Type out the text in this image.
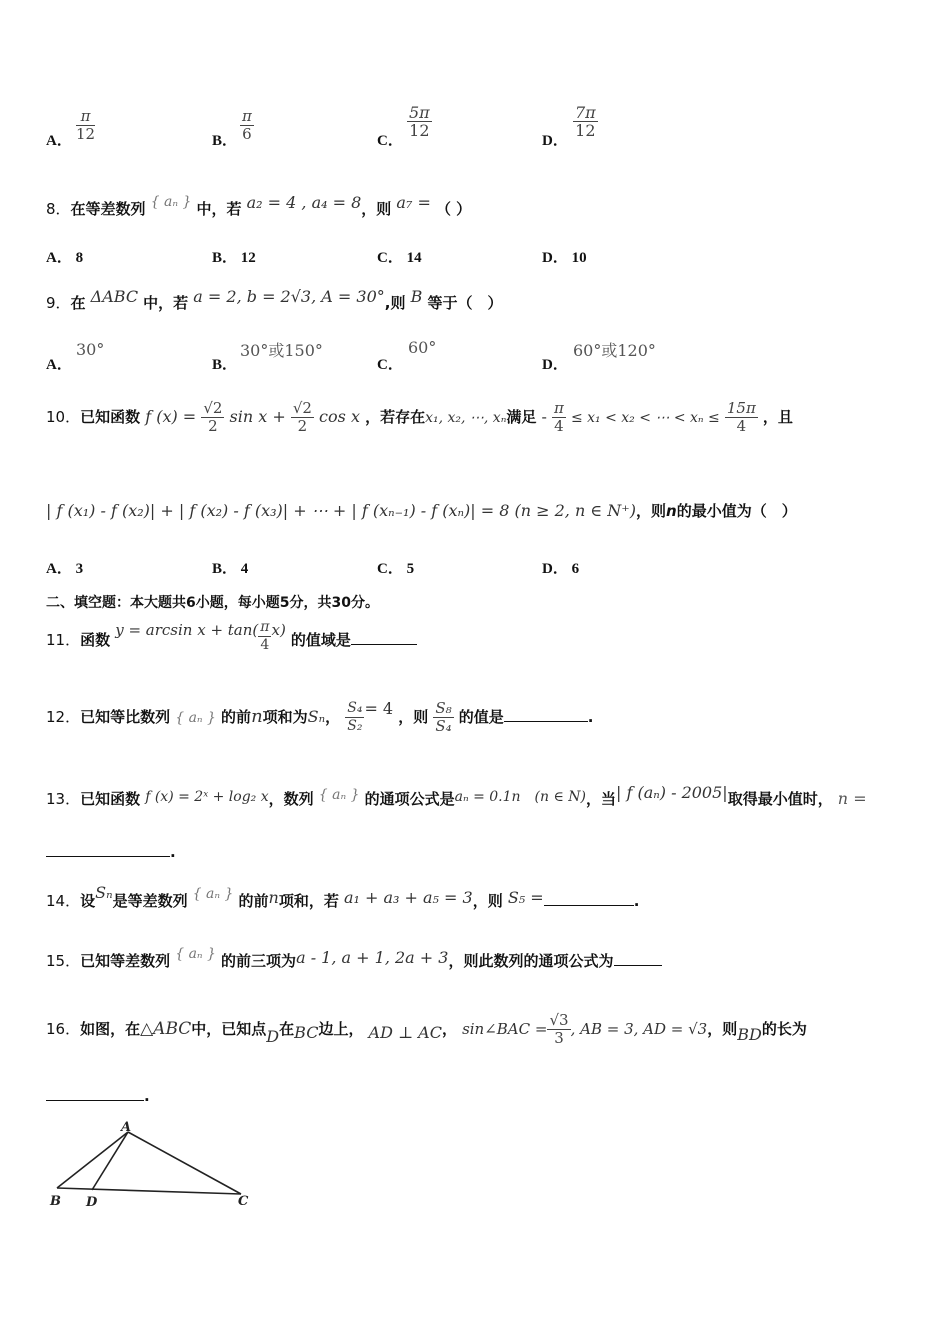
A． $\frac{\pi}{12}$	B． $\frac{\pi}{6}$	C．
$\frac{5\pi}{12}$
D．
$\frac{7\pi}{12}$
8．在等差数列 { aₙ } 中，若 a₂ = 4 , a₄ = 8，则 a₇ = （ ）
A． 8	B． 12	C． 14	D． 10
9．在 ΔABC 中，若 a = 2, b = 2√3, A = 30°,则 B 等于（　）
A．
30°
B．
30°或150°
C．
60°
D．
60°或120°
10．已知函数 f $(x) = \frac{√2}{2}$ $\sin x + \frac{√2}{2}$ cos x ，若存在x₁, x₂, ⋯, xₙ满足 - $\frac{\pi}{4} \le x_1 < x_2$ < ⋯ < $x_n \le \frac{15\pi}{4}$ ，且
| f (x₁) - f (x₂)| + | f (x₂) - f (x₃)| + ⋯ + | f (xₙ₋₁) - f (xₙ)| = 8 (n ≥ 2, n ∈ N⁺)，则n的最小值为（　）
A． 3	B． 4	C． 5	D． 6
二、填空题：本大题共6小题，每小题5分，共30分。
11．函数 $y = \arcsin x + \tan( \frac{\pi}{4} x)$ 的值域是
12．已知等比数列 { aₙ } 的前n项和为Sₙ， $\frac{\text{S₄}}{\text{S₂}} = 4$ ，则 $\frac{\text{S₈}}{\text{S₄}}$ 的值是	.
13．已知函数 f (x) = 2ˣ + log₂ x，数列 { aₙ } 的通项公式是aₙ = 0.1n　(n ∈ N)，当| f (aₙ) - 2005|取得最小值时， n =
.
14．设Sₙ是等差数列 { aₙ } 的前n项和，若 a₁ + a₃ + a₅ = 3，则 S₅ =	.
15．已知等差数列 { aₙ } 的前三项为a - 1, a + 1, 2a + 3，则此数列的通项公式为
16．如图，在△ABC中，已知点D在BC边上， AD ⊥ AC， sin∠BAC = $\frac{√3}{3}$ , AB = 3, AD = √3，则BD的长为
.
A
B D	C
